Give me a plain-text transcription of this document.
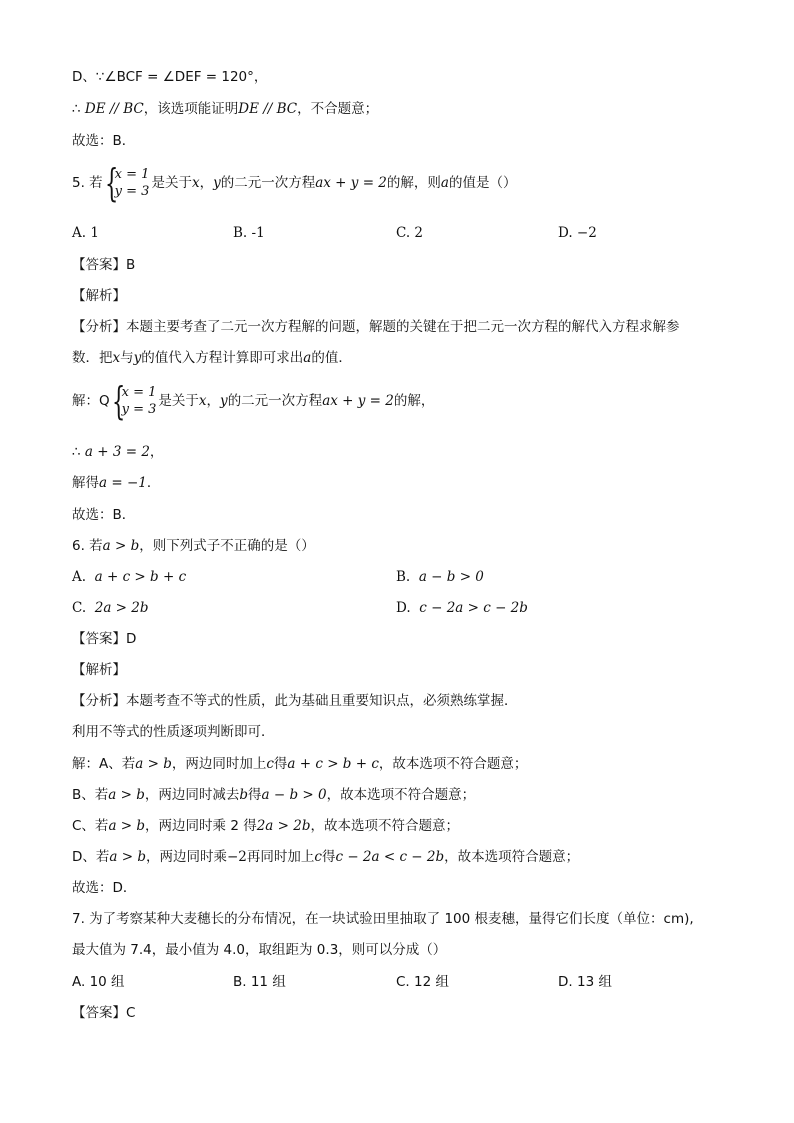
D、∵∠BCF = ∠DEF = 120°，
∴ DE // BC，该选项能证明DE // BC，不合题意；
故选：B．
5. 若 {
x = 1
y = 3
是关于x，y的二元一次方程ax + y = 2的解，则a的值是（）
A. 1	B. -1	C. 2	D. −2
【答案】B
【解析】
【分析】本题主要考查了二元一次方程解的问题，解题的关键在于把二元一次方程的解代入方程求解参
数．把x与y的值代入方程计算即可求出a的值．
解：Q {
x = 1
y = 3
是关于x，y的二元一次方程ax + y = 2的解，
∴ a + 3 = 2，
解得a = −1．
故选：B．
6. 若a > b，则下列式子不正确的是（）
A. a + c > b + c	B. a − b > 0
C. 2a > 2b	D. c − 2a > c − 2b
【答案】D
【解析】
【分析】本题考查不等式的性质，此为基础且重要知识点，必须熟练掌握．
利用不等式的性质逐项判断即可．
解：A、若a > b，两边同时加上c得a + c > b + c，故本选项不符合题意；
B、若a > b，两边同时减去b得a − b > 0，故本选项不符合题意；
C、若a > b，两边同时乘 2 得2a > 2b，故本选项不符合题意；
D、若a > b，两边同时乘−2再同时加上c得c − 2a < c − 2b，故本选项符合题意；
故选：D．
7. 为了考察某种大麦穗长的分布情况，在一块试验田里抽取了 100 根麦穗，量得它们长度（单位：cm),
最大值为 7.4，最小值为 4.0，取组距为 0.3，则可以分成（）
A. 10 组	B. 11 组	C. 12 组	D. 13 组
【答案】C
